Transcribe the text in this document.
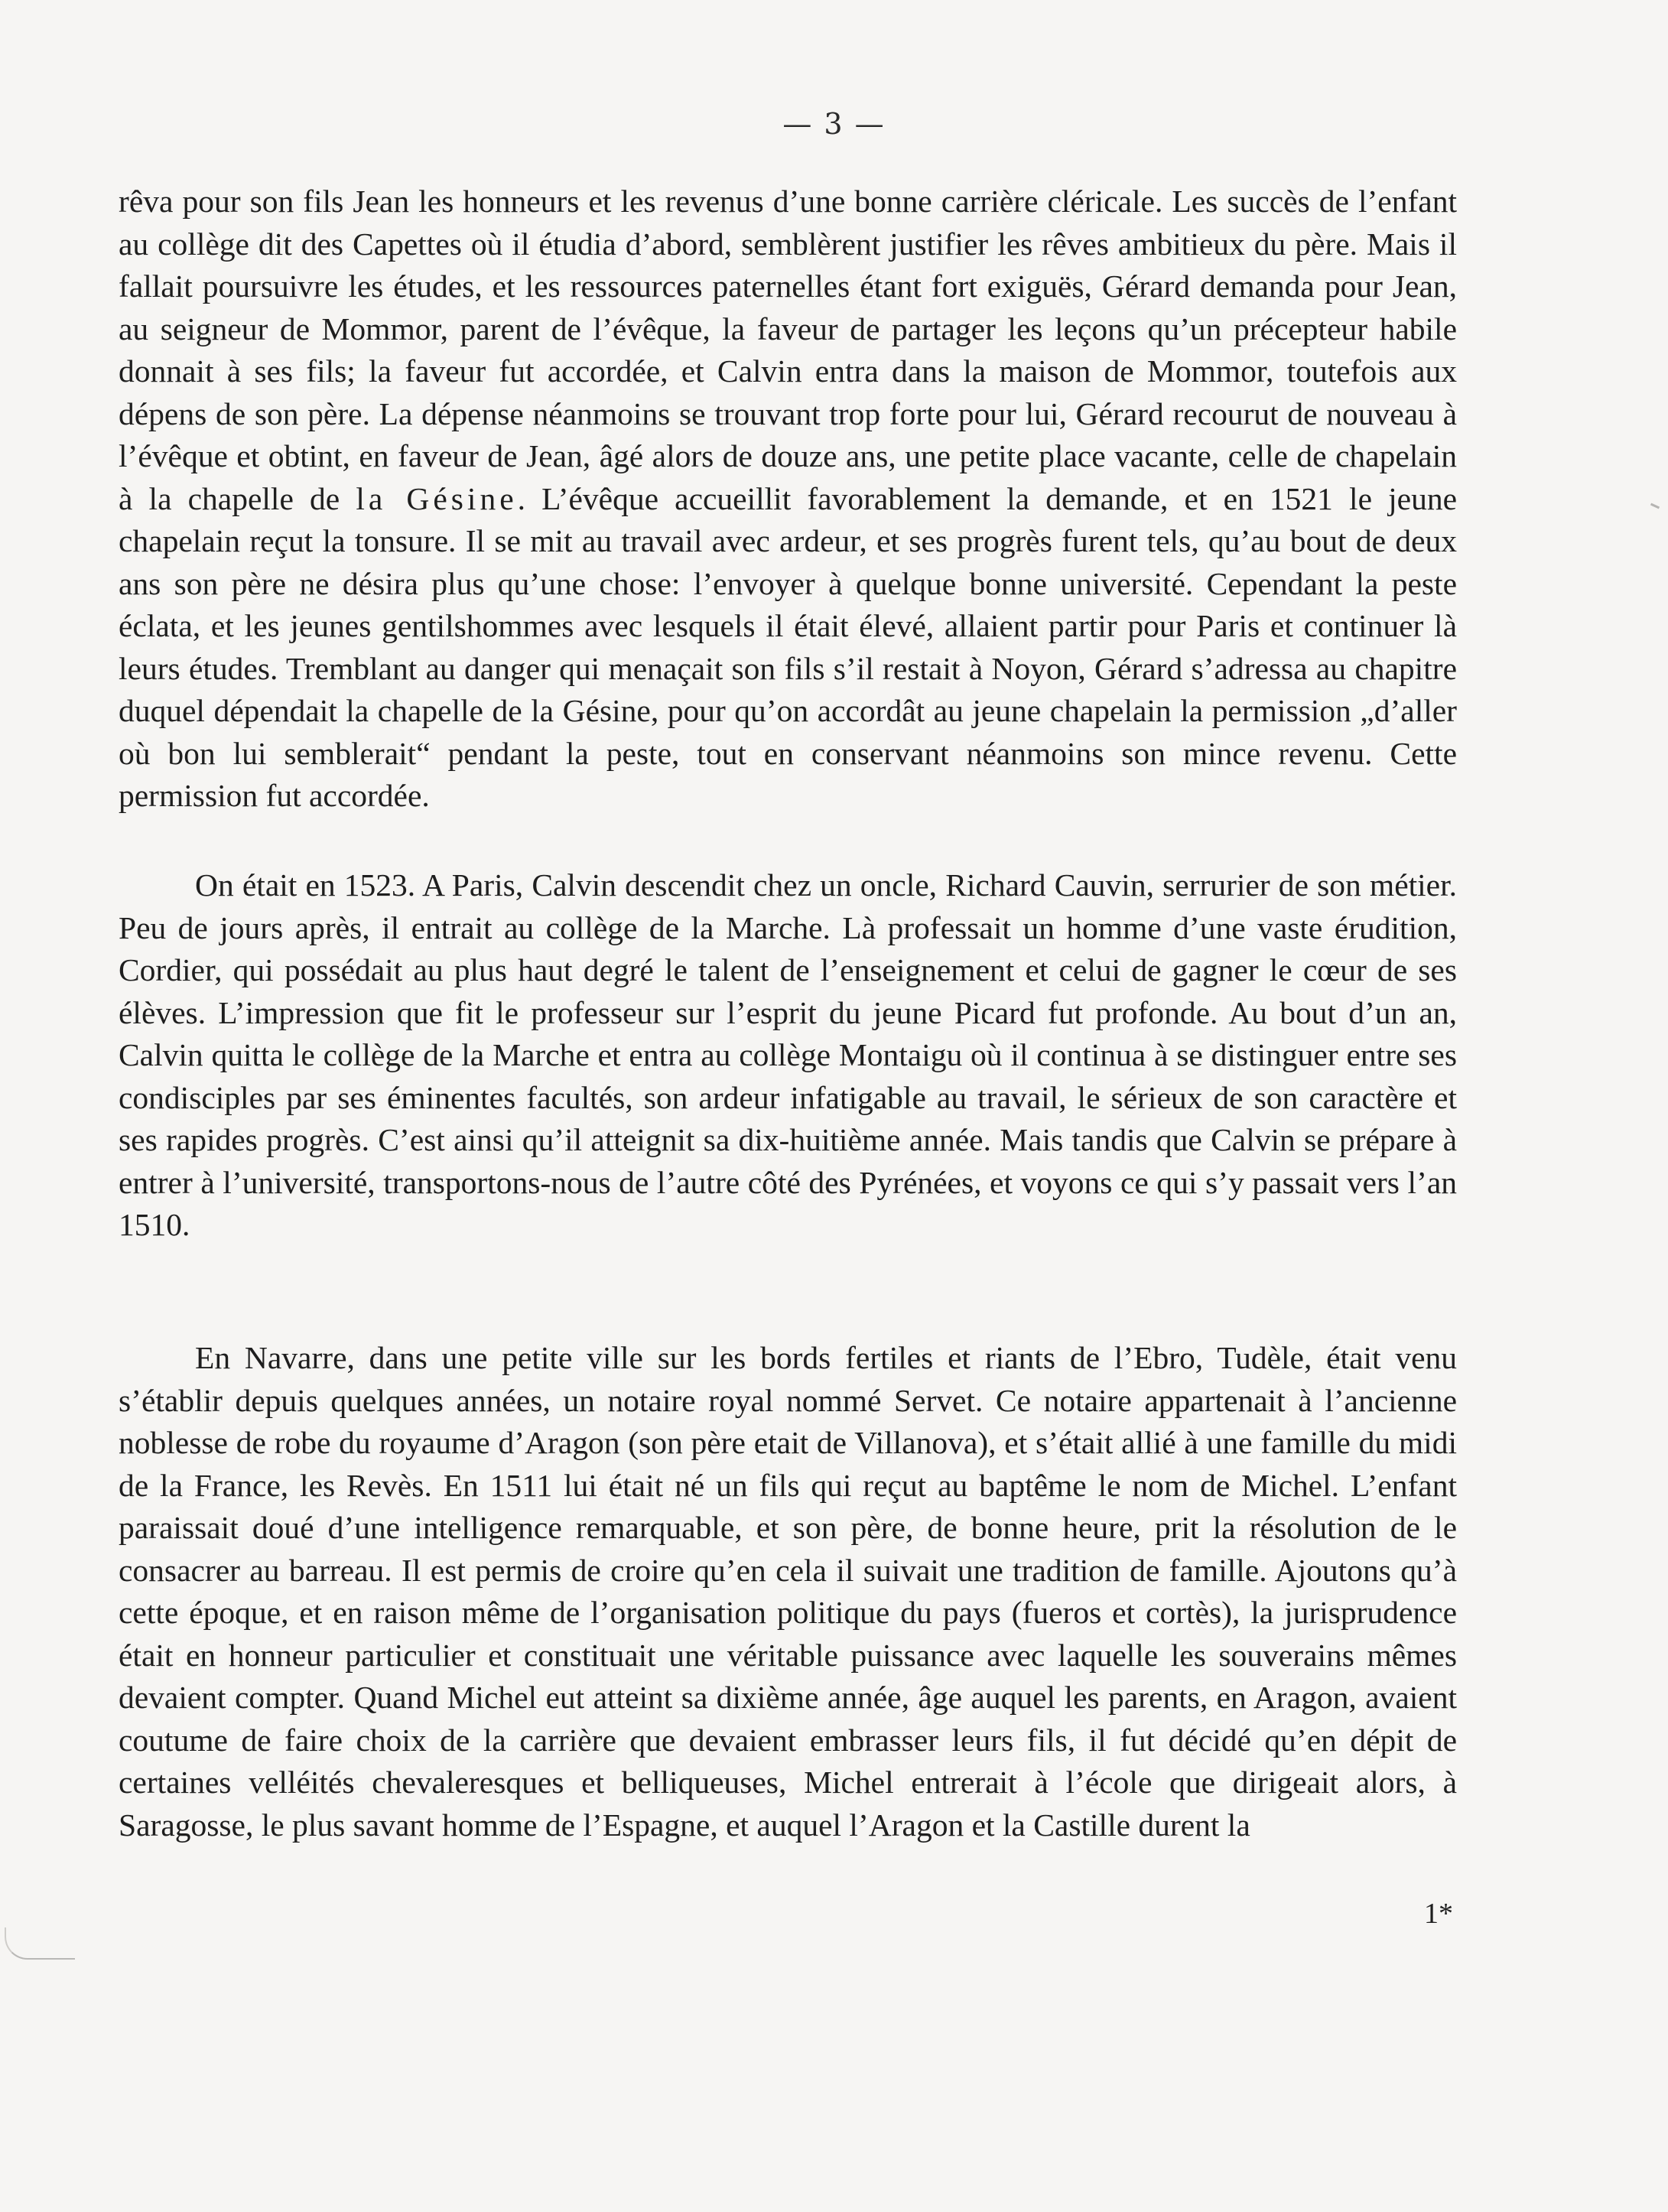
— 3 —

rêva pour son fils Jean les honneurs et les revenus d’une bonne carrière cléricale. Les succès de l’enfant au collège dit des Capettes où il étudia d’abord, semblèrent justifier les rêves ambitieux du père. Mais il fallait poursuivre les études, et les ressources paternelles étant fort exiguës, Gérard demanda pour Jean, au seigneur de Mommor, parent de l’évêque, la faveur de partager les leçons qu’un précepteur habile donnait à ses fils; la faveur fut accordée, et Calvin entra dans la maison de Mommor, toutefois aux dépens de son père. La dépense néanmoins se trouvant trop forte pour lui, Gérard recourut de nouveau à l’évêque et obtint, en faveur de Jean, âgé alors de douze ans, une petite place vacante, celle de chapelain à la chapelle de la Gésine. L’évêque accueillit favorablement la demande, et en 1521 le jeune chapelain reçut la tonsure. Il se mit au travail avec ardeur, et ses progrès furent tels, qu’au bout de deux ans son père ne désira plus qu’une chose: l’envoyer à quelque bonne université. Cependant la peste éclata, et les jeunes gentilshommes avec lesquels il était élevé, allaient partir pour Paris et continuer là leurs études. Tremblant au danger qui menaçait son fils s’il restait à Noyon, Gérard s’adressa au chapitre duquel dépendait la chapelle de la Gésine, pour qu’on accordât au jeune chapelain la permission „d’aller où bon lui semblerait“ pendant la peste, tout en conservant néanmoins son mince revenu. Cette permission fut accordée.

On était en 1523. A Paris, Calvin descendit chez un oncle, Richard Cauvin, serrurier de son métier. Peu de jours après, il entrait au collège de la Marche. Là professait un homme d’une vaste érudition, Cordier, qui possédait au plus haut degré le talent de l’enseignement et celui de gagner le cœur de ses élèves. L’impression que fit le professeur sur l’esprit du jeune Picard fut profonde. Au bout d’un an, Calvin quitta le collège de la Marche et entra au collège Montaigu où il continua à se distinguer entre ses condisciples par ses éminentes facultés, son ardeur infatigable au travail, le sérieux de son caractère et ses rapides progrès. C’est ainsi qu’il atteignit sa dix-huitième année. Mais tandis que Calvin se prépare à entrer à l’université, transportons-nous de l’autre côté des Pyrénées, et voyons ce qui s’y passait vers l’an 1510.

En Navarre, dans une petite ville sur les bords fertiles et riants de l’Ebro, Tudèle, était venu s’établir depuis quelques années, un notaire royal nommé Servet. Ce notaire appartenait à l’ancienne noblesse de robe du royaume d’Aragon (son père etait de Villanova), et s’était allié à une famille du midi de la France, les Revès. En 1511 lui était né un fils qui reçut au baptême le nom de Michel. L’enfant paraissait doué d’une intelligence remarquable, et son père, de bonne heure, prit la résolution de le consacrer au barreau. Il est permis de croire qu’en cela il suivait une tradition de famille. Ajoutons qu’à cette époque, et en raison même de l’organisation politique du pays (fueros et cortès), la jurisprudence était en honneur particulier et constituait une véritable puissance avec laquelle les souverains mêmes devaient compter. Quand Michel eut atteint sa dixième année, âge auquel les parents, en Aragon, avaient coutume de faire choix de la carrière que devaient embrasser leurs fils, il fut décidé qu’en dépit de certaines velléités chevaleresques et belliqueuses, Michel entrerait à l’école que dirigeait alors, à Saragosse, le plus savant homme de l’Espagne, et auquel l’Aragon et la Castille durent la

1*
